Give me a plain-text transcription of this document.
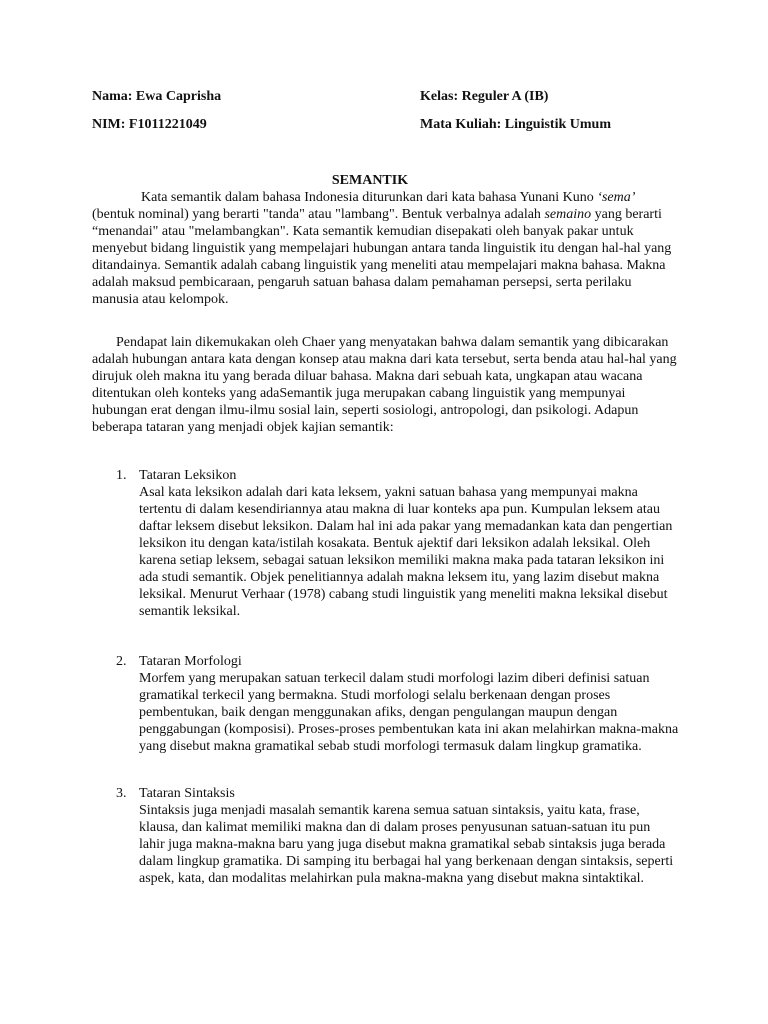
Nama: Ewa Caprisha	Kelas: Reguler A (IB)
NIM: F1011221049	Mata Kuliah: Linguistik Umum
SEMANTIK

Kata semantik dalam bahasa Indonesia diturunkan dari kata bahasa Yunani Kuno ‘sema’ (bentuk nominal) yang berarti "tanda" atau "lambang". Bentuk verbalnya adalah semaino yang berarti “menandai" atau "melambangkan". Kata semantik kemudian disepakati oleh banyak pakar untuk menyebut bidang linguistik yang mempelajari hubungan antara tanda linguistik itu dengan hal-hal yang ditandainya. Semantik adalah cabang linguistik yang meneliti atau mempelajari makna bahasa. Makna adalah maksud pembicaraan, pengaruh satuan bahasa dalam pemahaman persepsi, serta perilaku manusia atau kelompok.

Pendapat lain dikemukakan oleh Chaer yang menyatakan bahwa dalam semantik yang dibicarakan adalah hubungan antara kata dengan konsep atau makna dari kata tersebut, serta benda atau hal-hal yang dirujuk oleh makna itu yang berada diluar bahasa. Makna dari sebuah kata, ungkapan atau wacana ditentukan oleh konteks yang adaSemantik juga merupakan cabang linguistik yang mempunyai hubungan erat dengan ilmu-ilmu sosial lain, seperti sosiologi, antropologi, dan psikologi. Adapun beberapa tataran yang menjadi objek kajian semantik:

1. Tataran Leksikon

Asal kata leksikon adalah dari kata leksem, yakni satuan bahasa yang mempunyai makna tertentu di dalam kesendiriannya atau makna di luar konteks apa pun. Kumpulan leksem atau daftar leksem disebut leksikon. Dalam hal ini ada pakar yang memadankan kata dan pengertian leksikon itu dengan kata/istilah kosakata. Bentuk ajektif dari leksikon adalah leksikal. Oleh karena setiap leksem, sebagai satuan leksikon memiliki makna maka pada tataran leksikon ini ada studi semantik. Objek penelitiannya adalah makna leksem itu, yang lazim disebut makna leksikal. Menurut Verhaar (1978) cabang studi linguistik yang meneliti makna leksikal disebut semantik leksikal.

2. Tataran Morfologi

Morfem yang merupakan satuan terkecil dalam studi morfologi lazim diberi definisi satuan gramatikal terkecil yang bermakna. Studi morfologi selalu berkenaan dengan proses pembentukan, baik dengan menggunakan afiks, dengan pengulangan maupun dengan penggabungan (komposisi). Proses-proses pembentukan kata ini akan melahirkan makna-makna yang disebut makna gramatikal sebab studi morfologi termasuk dalam lingkup gramatika.

3. Tataran Sintaksis

Sintaksis juga menjadi masalah semantik karena semua satuan sintaksis, yaitu kata, frase, klausa, dan kalimat memiliki makna dan di dalam proses penyusunan satuan-satuan itu pun lahir juga makna-makna baru yang juga disebut makna gramatikal sebab sintaksis juga berada dalam lingkup gramatika. Di samping itu berbagai hal yang berkenaan dengan sintaksis, seperti aspek, kata, dan modalitas melahirkan pula makna-makna yang disebut makna sintaktikal.
